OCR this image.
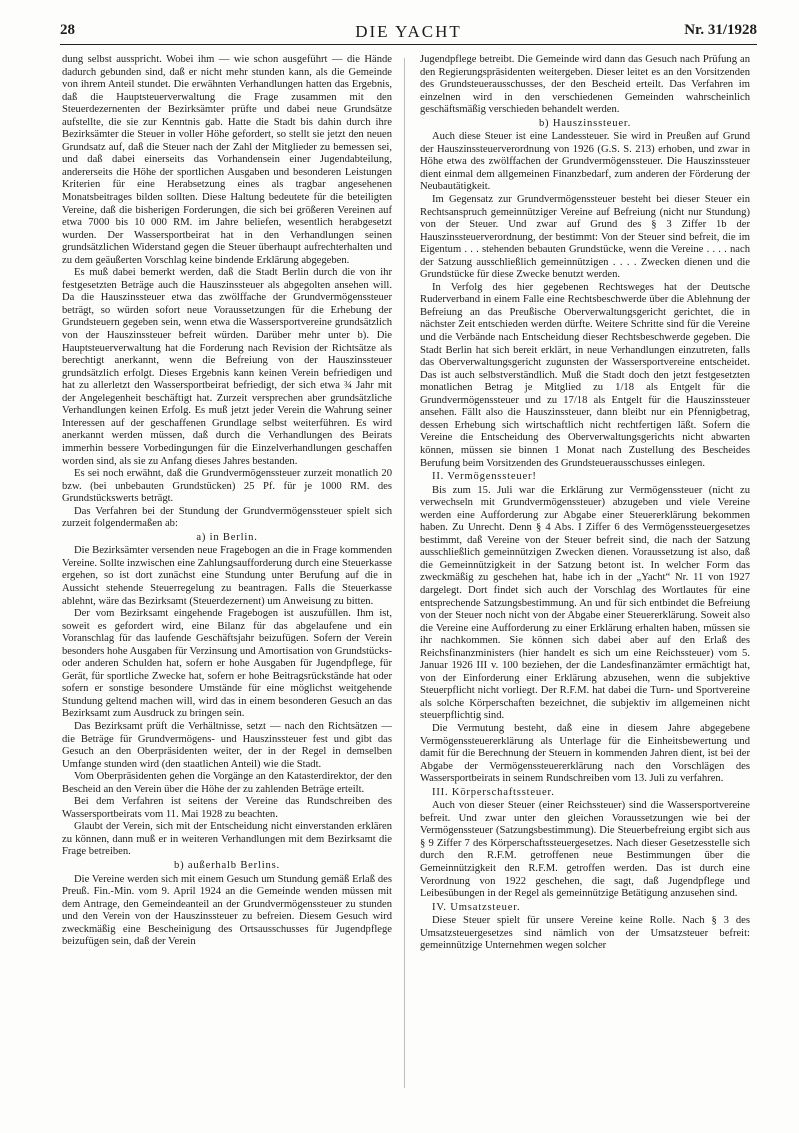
28	DIE YACHT	Nr. 31/1928

dung selbst ausspricht. Wobei ihm — wie schon ausgeführt — die Hände dadurch gebunden sind, daß er nicht mehr stunden kann, als die Gemeinde von ihrem Anteil stundet. Die erwähnten Verhandlungen hatten das Ergebnis, daß die Hauptsteuerverwaltung die Frage zusammen mit den Steuerdezernenten der Bezirksämter prüfte und dabei neue Grundsätze aufstellte, die sie zur Kenntnis gab. Hatte die Stadt bis dahin durch ihre Bezirksämter die Steuer in voller Höhe gefordert, so stellt sie jetzt den neuen Grundsatz auf, daß die Steuer nach der Zahl der Mitglieder zu bemessen sei, und daß dabei einerseits das Vorhandensein einer Jugendabteilung, andererseits die Höhe der sportlichen Ausgaben und besonderen Leistungen Kriterien für eine Herabsetzung eines als tragbar angesehenen Monatsbeitrages bilden sollten. Diese Haltung bedeutete für die beteiligten Vereine, daß die bisherigen Forderungen, die sich bei größeren Vereinen auf etwa 7000 bis 10 000 RM. im Jahre beliefen, wesentlich herabgesetzt wurden. Der Wassersportbeirat hat in den Verhandlungen seinen grundsätzlichen Widerstand gegen die Steuer überhaupt aufrechterhalten und zu dem geäußerten Vorschlag keine bindende Erklärung abgegeben.

Es muß dabei bemerkt werden, daß die Stadt Berlin durch die von ihr festgesetzten Beträge auch die Hauszinssteuer als abgegolten ansehen will. Da die Hauszinssteuer etwa das zwölffache der Grundvermögenssteuer beträgt, so würden sofort neue Voraussetzungen für die Erhebung der Grundsteuern gegeben sein, wenn etwa die Wassersportvereine grundsätzlich von der Hauszinssteuer befreit würden. Darüber mehr unter b). Die Hauptsteuerverwaltung hat die Forderung nach Revision der Richtsätze als berechtigt anerkannt, wenn die Befreiung von der Hauszinssteuer grundsätzlich erfolgt. Dieses Ergebnis kann keinen Verein befriedigen und hat zu allerletzt den Wassersportbeirat befriedigt, der sich etwa ¾ Jahr mit der Angelegenheit beschäftigt hat. Zurzeit versprechen aber grundsätzliche Verhandlungen keinen Erfolg. Es muß jetzt jeder Verein die Wahrung seiner Interessen auf der geschaffenen Grundlage selbst weiterführen. Es wird anerkannt werden müssen, daß durch die Verhandlungen des Beirats immerhin bessere Vorbedingungen für die Einzelverhandlungen geschaffen worden sind, als sie zu Anfang dieses Jahres bestanden.

Es sei noch erwähnt, daß die Grundvermögenssteuer zurzeit monatlich 20 bzw. (bei unbebauten Grundstücken) 25 Pf. für je 1000 RM. des Grundstückswerts beträgt.

Das Verfahren bei der Stundung der Grundvermögenssteuer spielt sich zurzeit folgendermaßen ab:

a) in Berlin.

Die Bezirksämter versenden neue Fragebogen an die in Frage kommenden Vereine. Sollte inzwischen eine Zahlungsaufforderung durch eine Steuerkasse ergehen, so ist dort zunächst eine Stundung unter Berufung auf die in Aussicht stehende Steuerregelung zu beantragen. Falls die Steuerkasse ablehnt, wäre das Bezirksamt (Steuerdezernent) um Anweisung zu bitten.

Der vom Bezirksamt eingehende Fragebogen ist auszufüllen. Ihm ist, soweit es gefordert wird, eine Bilanz für das abgelaufene und ein Voranschlag für das laufende Geschäftsjahr beizufügen. Sofern der Verein besonders hohe Ausgaben für Verzinsung und Amortisation von Grundstücks- oder anderen Schulden hat, sofern er hohe Ausgaben für Jugendpflege, für Gerät, für sportliche Zwecke hat, sofern er hohe Beitragsrückstände hat oder sofern er sonstige besondere Umstände für eine möglichst weitgehende Stundung geltend machen will, wird das in einem besonderen Gesuch an das Bezirksamt zum Ausdruck zu bringen sein.

Das Bezirksamt prüft die Verhältnisse, setzt — nach den Richtsätzen — die Beträge für Grundvermögens- und Hauszinssteuer fest und gibt das Gesuch an den Oberpräsidenten weiter, der in der Regel in demselben Umfange stunden wird (den staatlichen Anteil) wie die Stadt.

Vom Oberpräsidenten gehen die Vorgänge an den Katasterdirektor, der den Bescheid an den Verein über die Höhe der zu zahlenden Beträge erteilt.

Bei dem Verfahren ist seitens der Vereine das Rundschreiben des Wassersportbeirats vom 11. Mai 1928 zu beachten.

Glaubt der Verein, sich mit der Entscheidung nicht einverstanden erklären zu können, dann muß er in weiteren Verhandlungen mit dem Bezirksamt die Frage betreiben.

b) außerhalb Berlins.

Die Vereine werden sich mit einem Gesuch um Stundung gemäß Erlaß des Preuß. Fin.-Min. vom 9. April 1924 an die Gemeinde wenden müssen mit dem Antrage, den Gemeindeanteil an der Grundvermögenssteuer zu stunden und den Verein von der Hauszinssteuer zu befreien. Diesem Gesuch wird zweckmäßig eine Bescheinigung des Ortsausschusses für Jugendpflege beizufügen sein, daß der Verein

Jugendpflege betreibt. Die Gemeinde wird dann das Gesuch nach Prüfung an den Regierungspräsidenten weitergeben. Dieser leitet es an den Vorsitzenden des Grundsteuerausschusses, der den Bescheid erteilt. Das Verfahren im einzelnen wird in den verschiedenen Gemeinden wahrscheinlich geschäftsmäßig verschieden behandelt werden.

b) Hauszinssteuer.

Auch diese Steuer ist eine Landessteuer. Sie wird in Preußen auf Grund der Hauszinssteuerverordnung von 1926 (G.S. S. 213) erhoben, und zwar in Höhe etwa des zwölffachen der Grundvermögenssteuer. Die Hauszinssteuer dient einmal dem allgemeinen Finanzbedarf, zum anderen der Förderung der Neubautätigkeit.

Im Gegensatz zur Grundvermögenssteuer besteht bei dieser Steuer ein Rechtsanspruch gemeinnütziger Vereine auf Befreiung (nicht nur Stundung) von der Steuer. Und zwar auf Grund des § 3 Ziffer 1b der Hauszinssteuerverordnung, der bestimmt: Von der Steuer sind befreit, die im Eigentum . . . stehenden bebauten Grundstücke, wenn die Vereine . . . . nach der Satzung ausschließlich gemeinnützigen . . . . Zwecken dienen und die Grundstücke für diese Zwecke benutzt werden.

In Verfolg des hier gegebenen Rechtsweges hat der Deutsche Ruderverband in einem Falle eine Rechtsbeschwerde über die Ablehnung der Befreiung an das Preußische Oberverwaltungsgericht gerichtet, die in nächster Zeit entschieden werden dürfte. Weitere Schritte sind für die Vereine und die Verbände nach Entscheidung dieser Rechtsbeschwerde gegeben. Die Stadt Berlin hat sich bereit erklärt, in neue Verhandlungen einzutreten, falls das Oberverwaltungsgericht zugunsten der Wassersportvereine entscheidet. Das ist auch selbstverständlich. Muß die Stadt doch den jetzt festgesetzten monatlichen Betrag je Mitglied zu 1/18 als Entgelt für die Grundvermögenssteuer und zu 17/18 als Entgelt für die Hauszinssteuer ansehen. Fällt also die Hauszinssteuer, dann bleibt nur ein Pfennigbetrag, dessen Erhebung sich wirtschaftlich nicht rechtfertigen läßt. Sofern die Vereine die Entscheidung des Oberverwaltungsgerichts nicht abwarten können, müssen sie binnen 1 Monat nach Zustellung des Bescheides Berufung beim Vorsitzenden des Grundsteuerausschusses einlegen.

II. Vermögenssteuer!

Bis zum 15. Juli war die Erklärung zur Vermögenssteuer (nicht zu verwechseln mit Grundvermögenssteuer) abzugeben und viele Vereine werden eine Aufforderung zur Abgabe einer Steuererklärung bekommen haben. Zu Unrecht. Denn § 4 Abs. I Ziffer 6 des Vermögenssteuergesetzes bestimmt, daß Vereine von der Steuer befreit sind, die nach der Satzung ausschließlich gemeinnützigen Zwecken dienen. Voraussetzung ist also, daß die Gemeinnützigkeit in der Satzung betont ist. In welcher Form das zweckmäßig zu geschehen hat, habe ich in der „Yacht“ Nr. 11 von 1927 dargelegt. Dort findet sich auch der Vorschlag des Wortlautes für eine entsprechende Satzungsbestimmung. An und für sich entbindet die Befreiung von der Steuer noch nicht von der Abgabe einer Steuererklärung. Soweit also die Vereine eine Aufforderung zu einer Erklärung erhalten haben, müssen sie ihr nachkommen. Sie können sich dabei aber auf den Erlaß des Reichsfinanzministers (hier handelt es sich um eine Reichssteuer) vom 5. Januar 1926 III v. 100 beziehen, der die Landesfinanzämter ermächtigt hat, von der Einforderung einer Erklärung abzusehen, wenn die subjektive Steuerpflicht nicht vorliegt. Der R.F.M. hat dabei die Turn- und Sportvereine als solche Körperschaften bezeichnet, die subjektiv im allgemeinen nicht steuerpflichtig sind.

Die Vermutung besteht, daß eine in diesem Jahre abgegebene Vermögenssteuererklärung als Unterlage für die Einheitsbewertung und damit für die Berechnung der Steuern in kommenden Jahren dient, ist bei der Abgabe der Vermögenssteuererklärung nach den Vorschlägen des Wassersportbeirats in seinem Rundschreiben vom 13. Juli zu verfahren.

III. Körperschaftssteuer.

Auch von dieser Steuer (einer Reichssteuer) sind die Wassersportvereine befreit. Und zwar unter den gleichen Voraussetzungen wie bei der Vermögenssteuer (Satzungsbestimmung). Die Steuerbefreiung ergibt sich aus § 9 Ziffer 7 des Körperschaftssteuergesetzes. Nach dieser Gesetzesstelle sich durch den R.F.M. getroffenen neue Bestimmungen über die Gemeinnützigkeit den R.F.M. getroffen werden. Das ist durch eine Verordnung von 1922 geschehen, die sagt, daß Jugendpflege und Leibesübungen in der Regel als gemeinnützige Betätigung anzusehen sind.

IV. Umsatzsteuer.

Diese Steuer spielt für unsere Vereine keine Rolle. Nach § 3 des Umsatzsteuergesetzes sind nämlich von der Umsatzsteuer befreit: gemeinnützige Unternehmen wegen solcher
